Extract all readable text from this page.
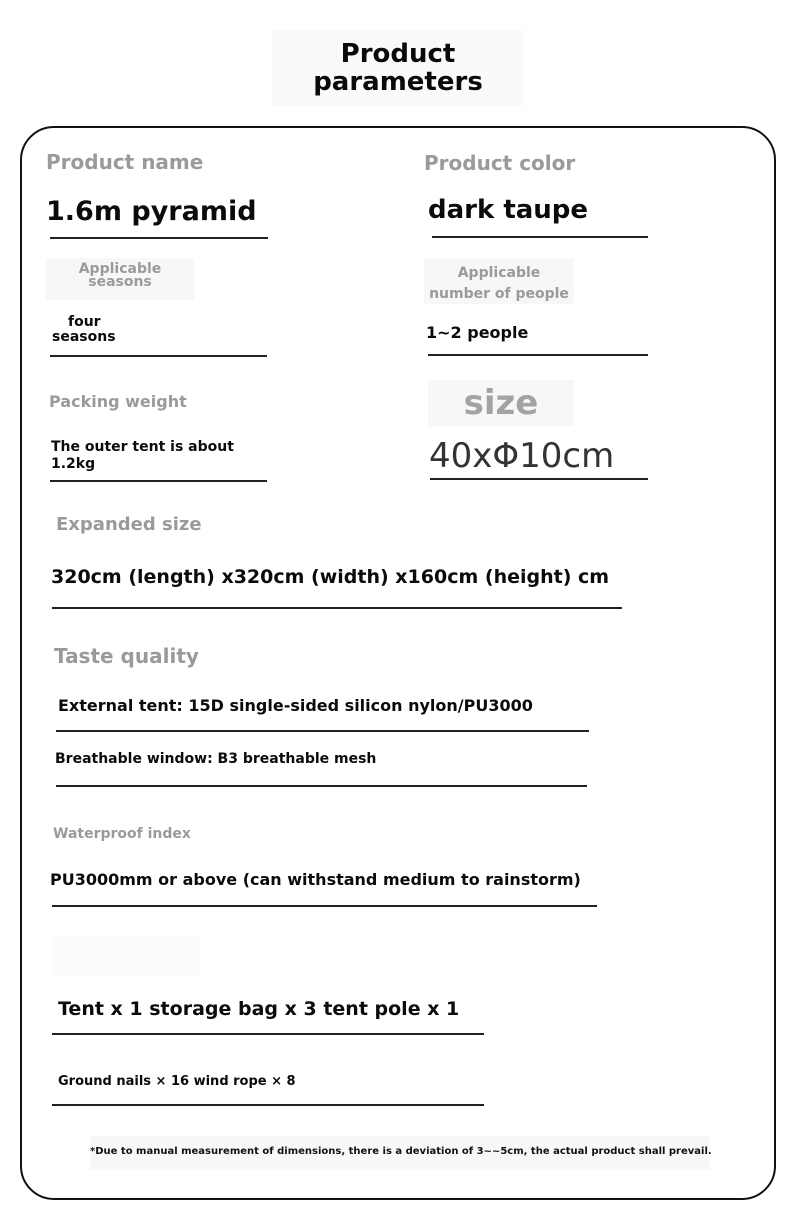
Product
parameters
Product name
1.6m pyramid
Product color
dark taupe
Applicable
seasons
four
seasons
Applicable
number of people
1~2 people
Packing weight
The outer tent is about
1.2kg
size
40xΦ10cm
Expanded size
320cm (length) x320cm (width) x160cm (height) cm
Taste quality
External tent: 15D single-sided silicon nylon/PU3000
Breathable window: B3 breathable mesh
Waterproof index
PU3000mm or above (can withstand medium to rainstorm)
Tent x 1 storage bag x 3 tent pole x 1
Ground nails × 16 wind rope × 8
*Due to manual measurement of dimensions, there is a deviation of 3~~5cm, the actual product shall prevail.
